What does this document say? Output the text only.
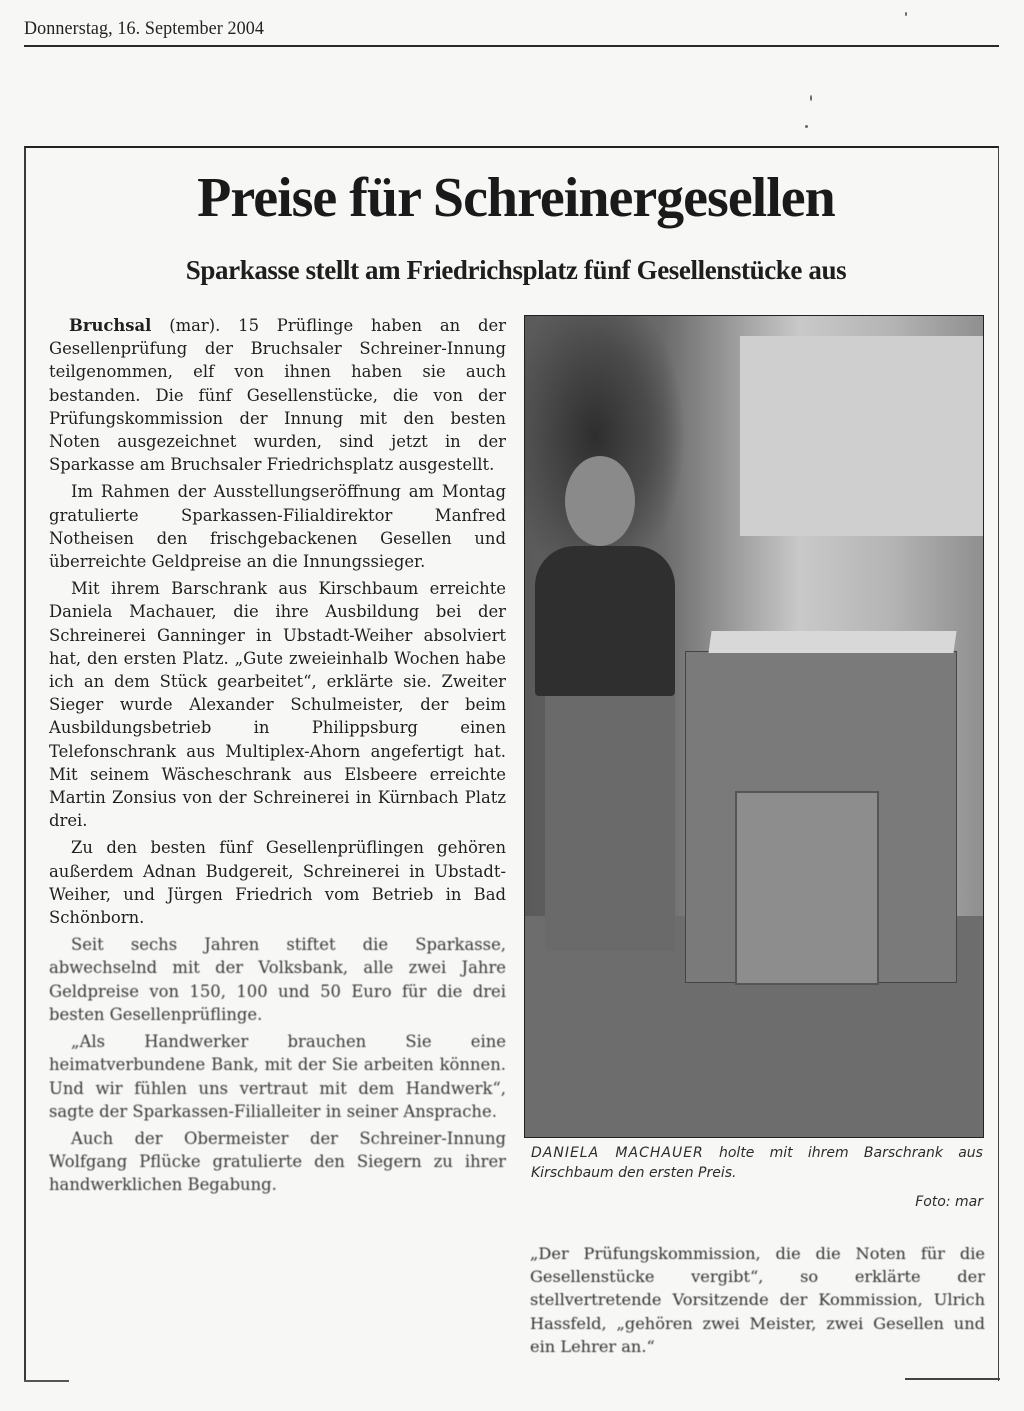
Donnerstag, 16. September 2004
Preise für Schreinergesellen
Sparkasse stellt am Friedrichsplatz fünf Gesellenstücke aus

Bruchsal (mar). 15 Prüflinge haben an der Gesellenprüfung der Bruchsaler Schreiner-Innung teilgenommen, elf von ihnen haben sie auch bestanden. Die fünf Gesellenstücke, die von der Prüfungskommission der Innung mit den besten Noten ausgezeichnet wurden, sind jetzt in der Sparkasse am Bruchsaler Friedrichsplatz ausgestellt.

Im Rahmen der Ausstellungseröffnung am Montag gratulierte Sparkassen-Filialdirektor Manfred Notheisen den frischgebackenen Gesellen und überreichte Geldpreise an die Innungssieger.

Mit ihrem Barschrank aus Kirschbaum erreichte Daniela Machauer, die ihre Ausbildung bei der Schreinerei Ganninger in Ubstadt-Weiher absolviert hat, den ersten Platz. „Gute zweieinhalb Wochen habe ich an dem Stück gearbeitet“, erklärte sie. Zweiter Sieger wurde Alexander Schulmeister, der beim Ausbildungsbetrieb in Philippsburg einen Telefonschrank aus Multiplex-Ahorn angefertigt hat. Mit seinem Wäscheschrank aus Elsbeere erreichte Martin Zonsius von der Schreinerei in Kürnbach Platz drei.

Zu den besten fünf Gesellenprüflingen gehören außerdem Adnan Budgereit, Schreinerei in Ubstadt-Weiher, und Jürgen Friedrich vom Betrieb in Bad Schönborn.

Seit sechs Jahren stiftet die Sparkasse, abwechselnd mit der Volksbank, alle zwei Jahre Geldpreise von 150, 100 und 50 Euro für die drei besten Gesellenprüflinge.

„Als Handwerker brauchen Sie eine heimatverbundene Bank, mit der Sie arbeiten können. Und wir fühlen uns vertraut mit dem Handwerk“, sagte der Sparkassen-Filialleiter in seiner Ansprache.

Auch der Obermeister der Schreiner-Innung Wolfgang Pflücke gratulierte den Siegern zu ihrer handwerklichen Begabung.

DANIELA MACHAUER holte mit ihrem Barschrank aus Kirschbaum den ersten Preis.
Foto: mar

„Der Prüfungskommission, die die Noten für die Gesellenstücke vergibt“, so erklärte der stellvertretende Vorsitzende der Kommission, Ulrich Hassfeld, „gehören zwei Meister, zwei Gesellen und ein Lehrer an.“
